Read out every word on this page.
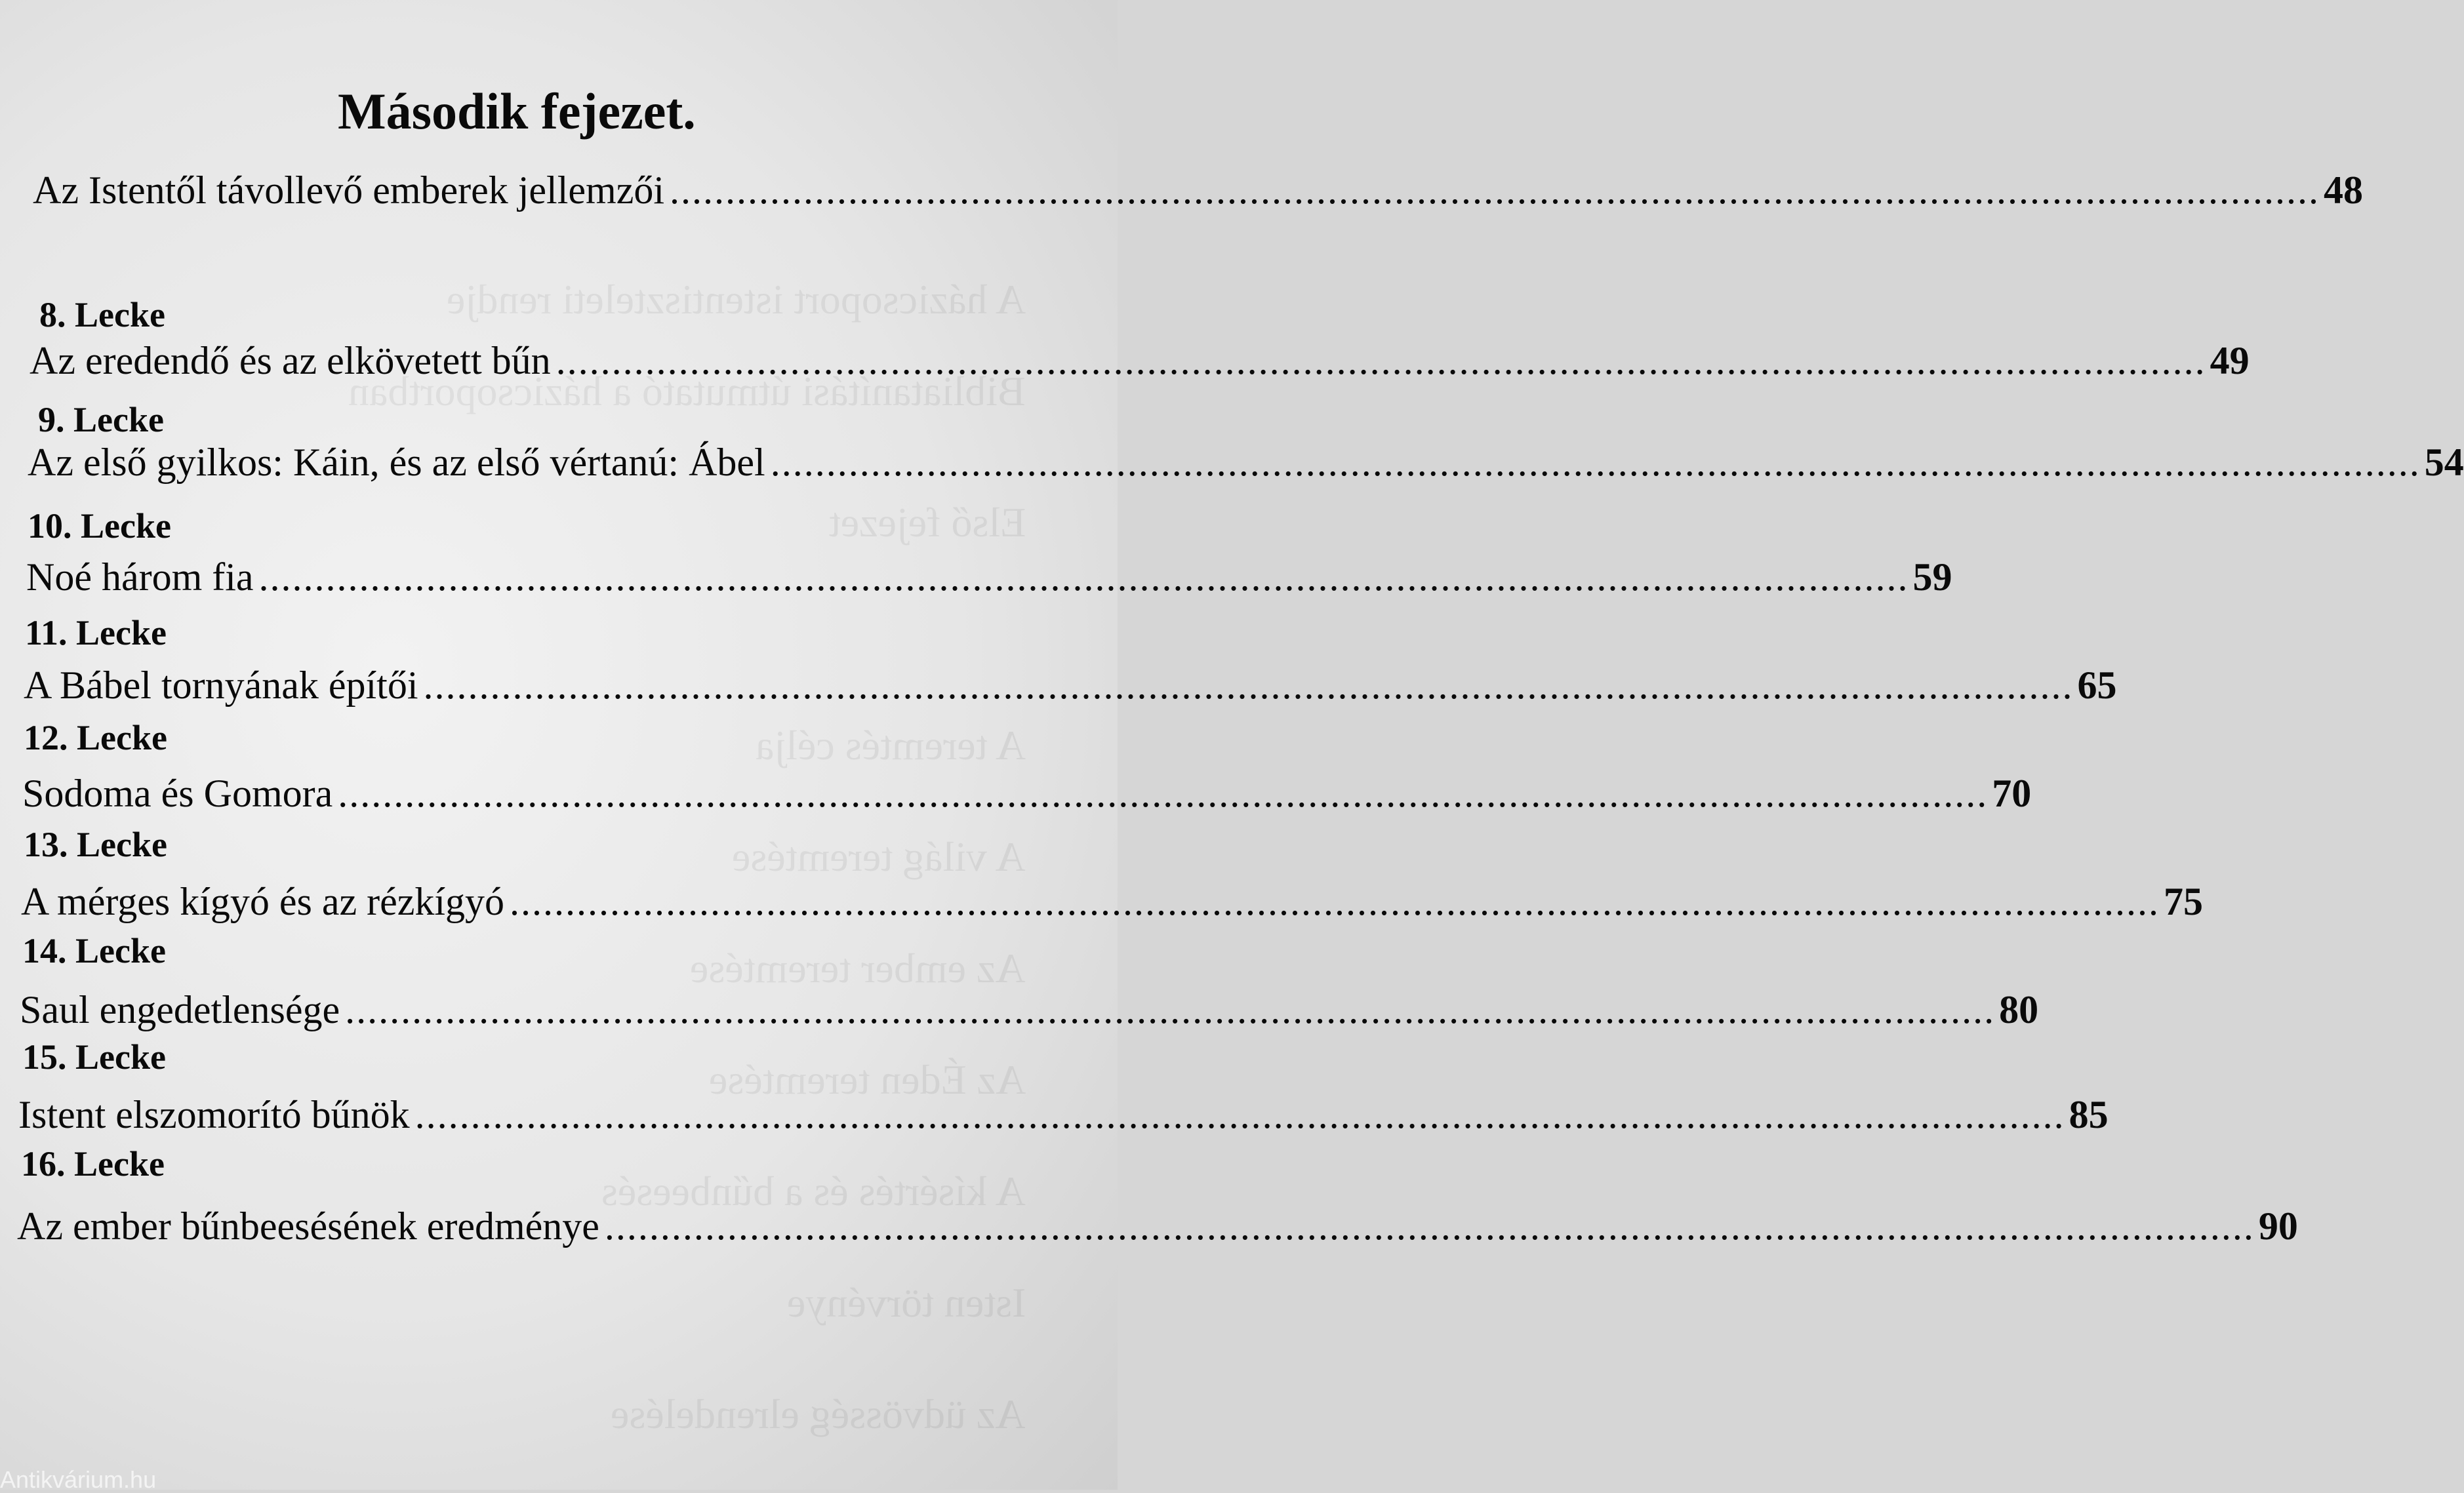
A házicsoport istentiszteleti rendje
Bibliatanítási útmutató a házicsoportban
Első fejezet
A teremtés célja
A világ teremtése
Az ember teremtése
Az Éden teremtése
A kísértés és a bűnbeesés
Isten törvénye
Az üdvösség elrendelése
Második fejezet.
Az Istentől távollevő emberek jellemzői .................................................................................................................................................... 48
8. Lecke
Az eredendő és az elkövetett bűn .................................................................................................................................................... 49
9. Lecke
Az első gyilkos: Káin, és az első vértanú: Ábel .................................................................................................................................................... 54
10. Lecke
Noé három fia .................................................................................................................................................... 59
11. Lecke
A Bábel tornyának építői .................................................................................................................................................... 65
12. Lecke
Sodoma és Gomora .................................................................................................................................................... 70
13. Lecke
A mérges kígyó és az rézkígyó .................................................................................................................................................... 75
14. Lecke
Saul engedetlensége .................................................................................................................................................... 80
15. Lecke
Istent elszomorító bűnök .................................................................................................................................................... 85
16. Lecke
Az ember bűnbeesésének eredménye .................................................................................................................................................... 90
Antikvárium.hu
